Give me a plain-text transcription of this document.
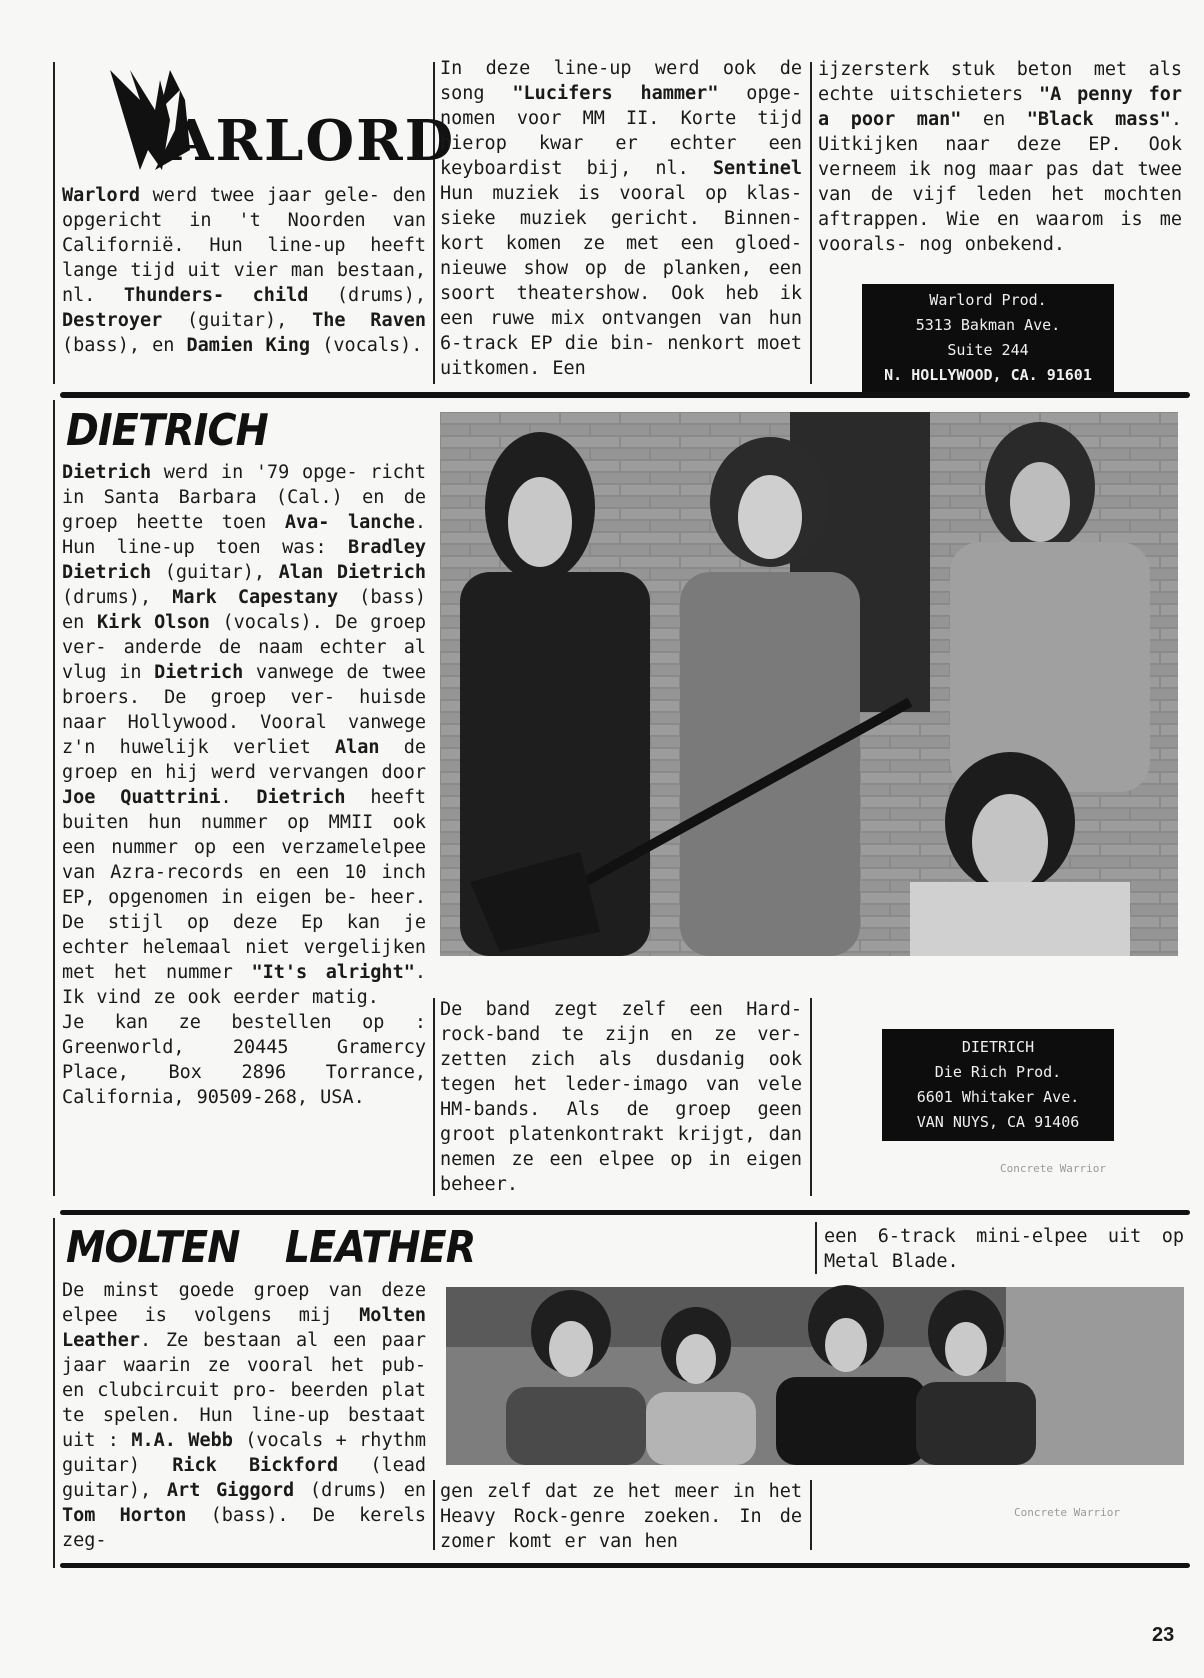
ARLORD

Warlord werd twee jaar gele- den opgericht in 't Noorden van Californië. Hun line-up heeft lange tijd uit vier man bestaan, nl. Thunders- child (drums), Destroyer (guitar), The Raven (bass), en Damien King (vocals).

In deze line-up werd ook de song "Lucifers hammer" opge- nomen voor MM II. Korte tijd hierop kwar er echter een keyboardist bij, nl. Sentinel Hun muziek is vooral op klas- sieke muziek gericht. Binnen- kort komen ze met een gloed- nieuwe show op de planken, een soort theatershow. Ook heb ik een ruwe mix ontvangen van hun 6-track EP die bin- nenkort moet uitkomen. Een

ijzersterk stuk beton met als echte uitschieters "A penny for a poor man" en "Black mass". Uitkijken naar deze EP. Ook verneem ik nog maar pas dat twee van de vijf leden het mochten aftrappen. Wie en waarom is me voorals- nog onbekend.

Warlord Prod.
5313 Bakman Ave.
Suite 244
N. HOLLYWOOD, CA. 91601
DIETRICH

Dietrich werd in '79 opge- richt in Santa Barbara (Cal.) en de groep heette toen Ava- lanche. Hun line-up toen was: Bradley Dietrich (guitar), Alan Dietrich (drums), Mark Capestany (bass) en Kirk Olson (vocals). De groep ver- anderde de naam echter al vlug in Dietrich vanwege de twee broers. De groep ver- huisde naar Hollywood. Vooral vanwege z'n huwelijk verliet Alan de groep en hij werd vervangen door Joe Quattrini. Dietrich heeft buiten hun nummer op MMII ook een nummer op een verzamelelpee van Azra-records en een 10 inch EP, opgenomen in eigen be- heer. De stijl op deze Ep kan je echter helemaal niet vergelijken met het nummer "It's alright". Ik vind ze ook eerder matig.

Je kan ze bestellen op : Greenworld, 20445 Gramercy Place, Box 2896 Torrance, California, 90509-268, USA.

De band zegt zelf een Hard- rock-band te zijn en ze ver- zetten zich als dusdanig ook tegen het leder-imago van vele HM-bands. Als de groep geen groot platenkontrakt krijgt, dan nemen ze een elpee op in eigen beheer.
DIETRICH
Die Rich Prod.
6601 Whitaker Ave.
VAN NUYS, CA 91406
Concrete Warrior
MOLTEN LEATHER	een 6-track mini-elpee uit op Metal Blade.

De minst goede groep van deze elpee is volgens mij Molten Leather. Ze bestaan al een paar jaar waarin ze vooral het pub- en clubcircuit pro- beerden plat te spelen. Hun line-up bestaat uit : M.A. Webb (vocals + rhythm guitar) Rick Bickford (lead guitar), Art Giggord (drums) en Tom Horton (bass). De kerels zeg-

gen zelf dat ze het meer in het Heavy Rock-genre zoeken. In de zomer komt er van hen
Concrete Warrior
23
